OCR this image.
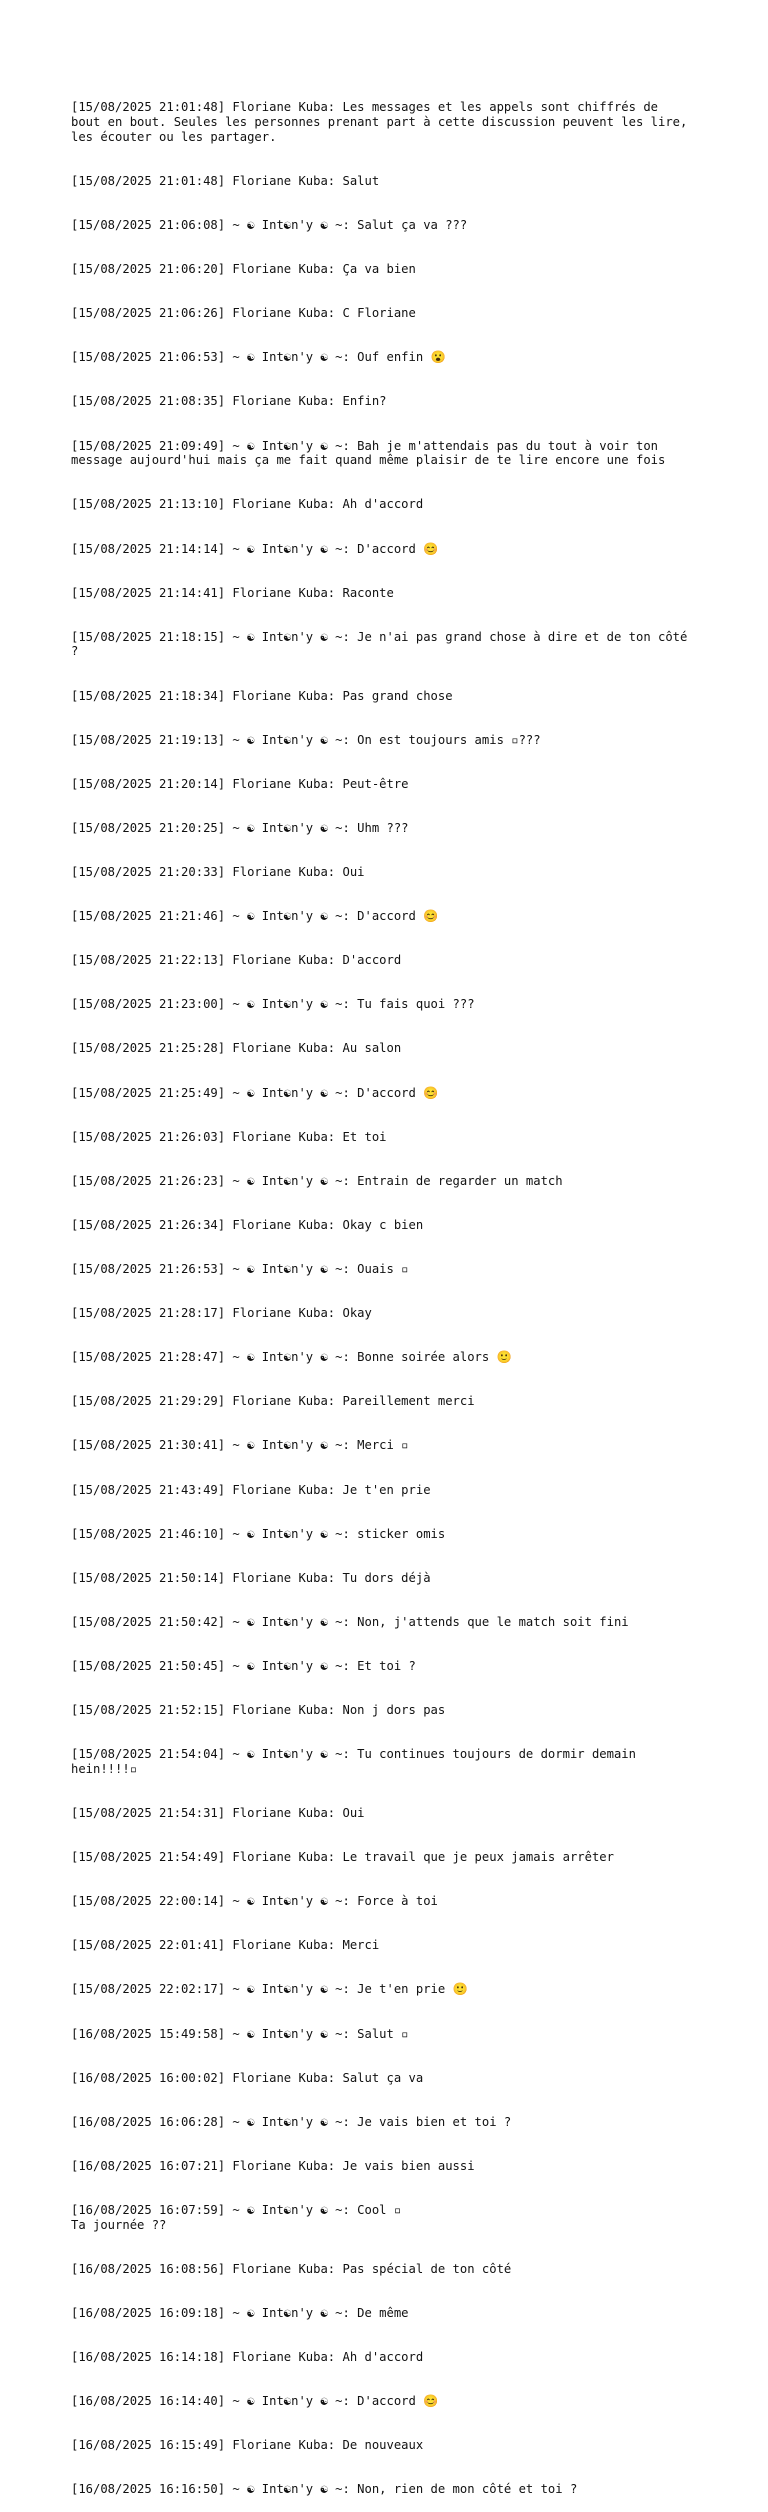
[15/08/2025 21:01:48] Floriane Kuba: Les messages et les appels sont chiffrés de bout en bout. Seules les personnes prenant part à cette discussion peuvent les lire, les écouter ou les partager.

[15/08/2025 21:01:48] Floriane Kuba: Salut

[15/08/2025 21:06:08] ~ ☯ Int☯n'y ☯ ~: Salut ça va ???

[15/08/2025 21:06:20] Floriane Kuba: Ça va bien

[15/08/2025 21:06:26] Floriane Kuba: C Floriane

[15/08/2025 21:06:53] ~ ☯ Int☯n'y ☯ ~: Ouf enfin 😮

[15/08/2025 21:08:35] Floriane Kuba: Enfin?

[15/08/2025 21:09:49] ~ ☯ Int☯n'y ☯ ~: Bah je m'attendais pas du tout à voir ton message aujourd'hui mais ça me fait quand même plaisir de te lire encore une fois

[15/08/2025 21:13:10] Floriane Kuba: Ah d'accord

[15/08/2025 21:14:14] ~ ☯ Int☯n'y ☯ ~: D'accord 😊

[15/08/2025 21:14:41] Floriane Kuba: Raconte

[15/08/2025 21:18:15] ~ ☯ Int☯n'y ☯ ~: Je n'ai pas grand chose à dire et de ton côté ?

[15/08/2025 21:18:34] Floriane Kuba: Pas grand chose

[15/08/2025 21:19:13] ~ ☯ Int☯n'y ☯ ~: On est toujours amis ▫???

[15/08/2025 21:20:14] Floriane Kuba: Peut-être

[15/08/2025 21:20:25] ~ ☯ Int☯n'y ☯ ~: Uhm ???

[15/08/2025 21:20:33] Floriane Kuba: Oui

[15/08/2025 21:21:46] ~ ☯ Int☯n'y ☯ ~: D'accord 😊

[15/08/2025 21:22:13] Floriane Kuba: D'accord

[15/08/2025 21:23:00] ~ ☯ Int☯n'y ☯ ~: Tu fais quoi ???

[15/08/2025 21:25:28] Floriane Kuba: Au salon

[15/08/2025 21:25:49] ~ ☯ Int☯n'y ☯ ~: D'accord 😊

[15/08/2025 21:26:03] Floriane Kuba: Et toi

[15/08/2025 21:26:23] ~ ☯ Int☯n'y ☯ ~: Entrain de regarder un match

[15/08/2025 21:26:34] Floriane Kuba: Okay c bien

[15/08/2025 21:26:53] ~ ☯ Int☯n'y ☯ ~: Ouais ▫

[15/08/2025 21:28:17] Floriane Kuba: Okay

[15/08/2025 21:28:47] ~ ☯ Int☯n'y ☯ ~: Bonne soirée alors 🙂

[15/08/2025 21:29:29] Floriane Kuba: Pareillement merci

[15/08/2025 21:30:41] ~ ☯ Int☯n'y ☯ ~: Merci ▫

[15/08/2025 21:43:49] Floriane Kuba: Je t'en prie

[15/08/2025 21:46:10] ~ ☯ Int☯n'y ☯ ~: sticker omis

[15/08/2025 21:50:14] Floriane Kuba: Tu dors déjà

[15/08/2025 21:50:42] ~ ☯ Int☯n'y ☯ ~: Non, j'attends que le match soit fini

[15/08/2025 21:50:45] ~ ☯ Int☯n'y ☯ ~: Et toi ?

[15/08/2025 21:52:15] Floriane Kuba: Non j dors pas

[15/08/2025 21:54:04] ~ ☯ Int☯n'y ☯ ~: Tu continues toujours de dormir demain hein!!!!▫

[15/08/2025 21:54:31] Floriane Kuba: Oui

[15/08/2025 21:54:49] Floriane Kuba: Le travail que je peux jamais arrêter

[15/08/2025 22:00:14] ~ ☯ Int☯n'y ☯ ~: Force à toi

[15/08/2025 22:01:41] Floriane Kuba: Merci

[15/08/2025 22:02:17] ~ ☯ Int☯n'y ☯ ~: Je t'en prie 🙂

[16/08/2025 15:49:58] ~ ☯ Int☯n'y ☯ ~: Salut ▫

[16/08/2025 16:00:02] Floriane Kuba: Salut ça va

[16/08/2025 16:06:28] ~ ☯ Int☯n'y ☯ ~: Je vais bien et toi ?

[16/08/2025 16:07:21] Floriane Kuba: Je vais bien aussi

[16/08/2025 16:07:59] ~ ☯ Int☯n'y ☯ ~: Cool ▫
Ta journée ??

[16/08/2025 16:08:56] Floriane Kuba: Pas spécial de ton côté

[16/08/2025 16:09:18] ~ ☯ Int☯n'y ☯ ~: De même

[16/08/2025 16:14:18] Floriane Kuba: Ah d'accord

[16/08/2025 16:14:40] ~ ☯ Int☯n'y ☯ ~: D'accord 😊

[16/08/2025 16:15:49] Floriane Kuba: De nouveaux

[16/08/2025 16:16:50] ~ ☯ Int☯n'y ☯ ~: Non, rien de mon côté et toi ?
